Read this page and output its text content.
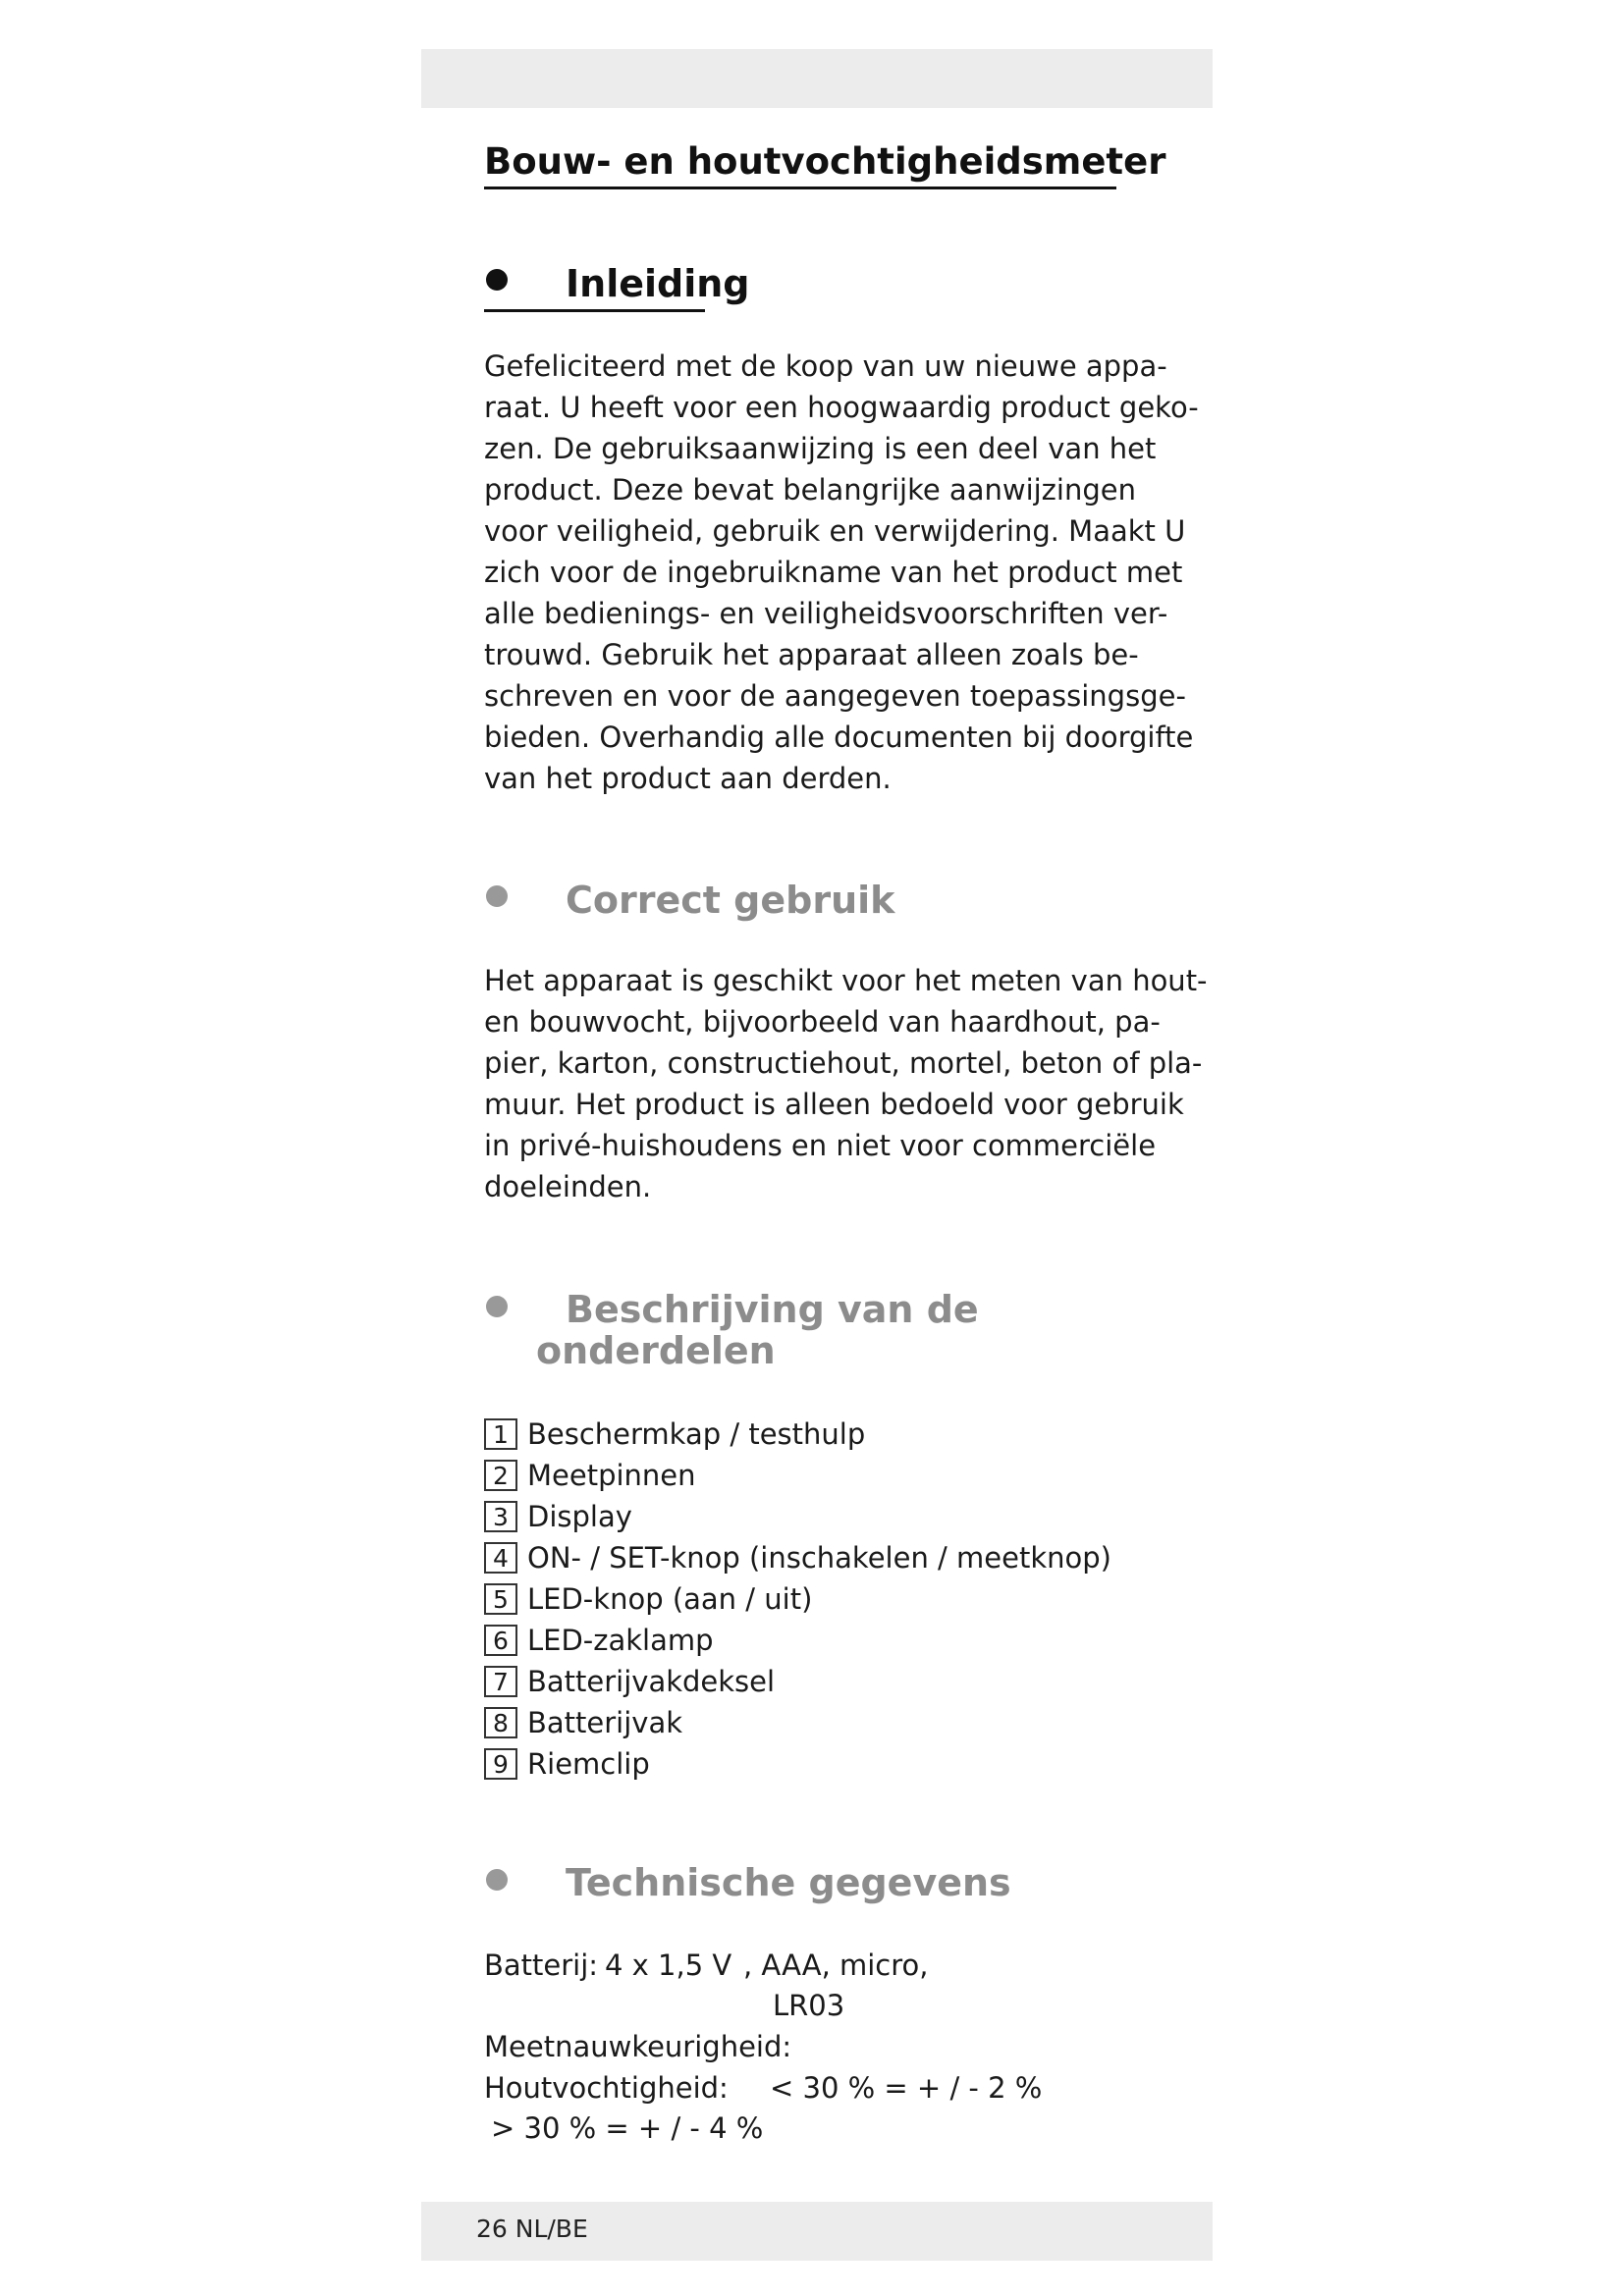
Bouw- en houtvochtigheidsmeter
Inleiding

Gefeliciteerd met de koop van uw nieuwe appa-
raat. U heeft voor een hoogwaardig product geko-
zen. De gebruiksaanwijzing is een deel van het
product. Deze bevat belangrijke aanwijzingen
voor veiligheid, gebruik en verwijdering. Maakt U
zich voor de ingebruikname van het product met
alle bedienings- en veiligheidsvoorschriften ver-
trouwd. Gebruik het apparaat alleen zoals be-
schreven en voor de aangegeven toepassingsge-
bieden. Overhandig alle documenten bij doorgifte
van het product aan derden.

Correct gebruik

Het apparaat is geschikt voor het meten van hout-
en bouwvocht, bijvoorbeeld van haardhout, pa-
pier, karton, constructiehout, mortel, beton of pla-
muur. Het product is alleen bedoeld voor gebruik
in privé-huishoudens en niet voor commerciële
doeleinden.

Beschrijving van de
onderdelen
1 Beschermkap / testhulp
2 Meetpinnen
3 Display
4 ON- / SET-knop (inschakelen / meetknop)
5 LED-knop (aan / uit)
6 LED-zaklamp
7 Batterijvakdeksel
8 Batterijvak
9 Riemclip
Technische gegevens
Batterij: 4 x 1,5 V , AAA, micro,
LR03
Meetnauwkeurigheid:
Houtvochtigheid: < 30 % = + / - 2 %
> 30 % = + / - 4 %
26 NL/BE
